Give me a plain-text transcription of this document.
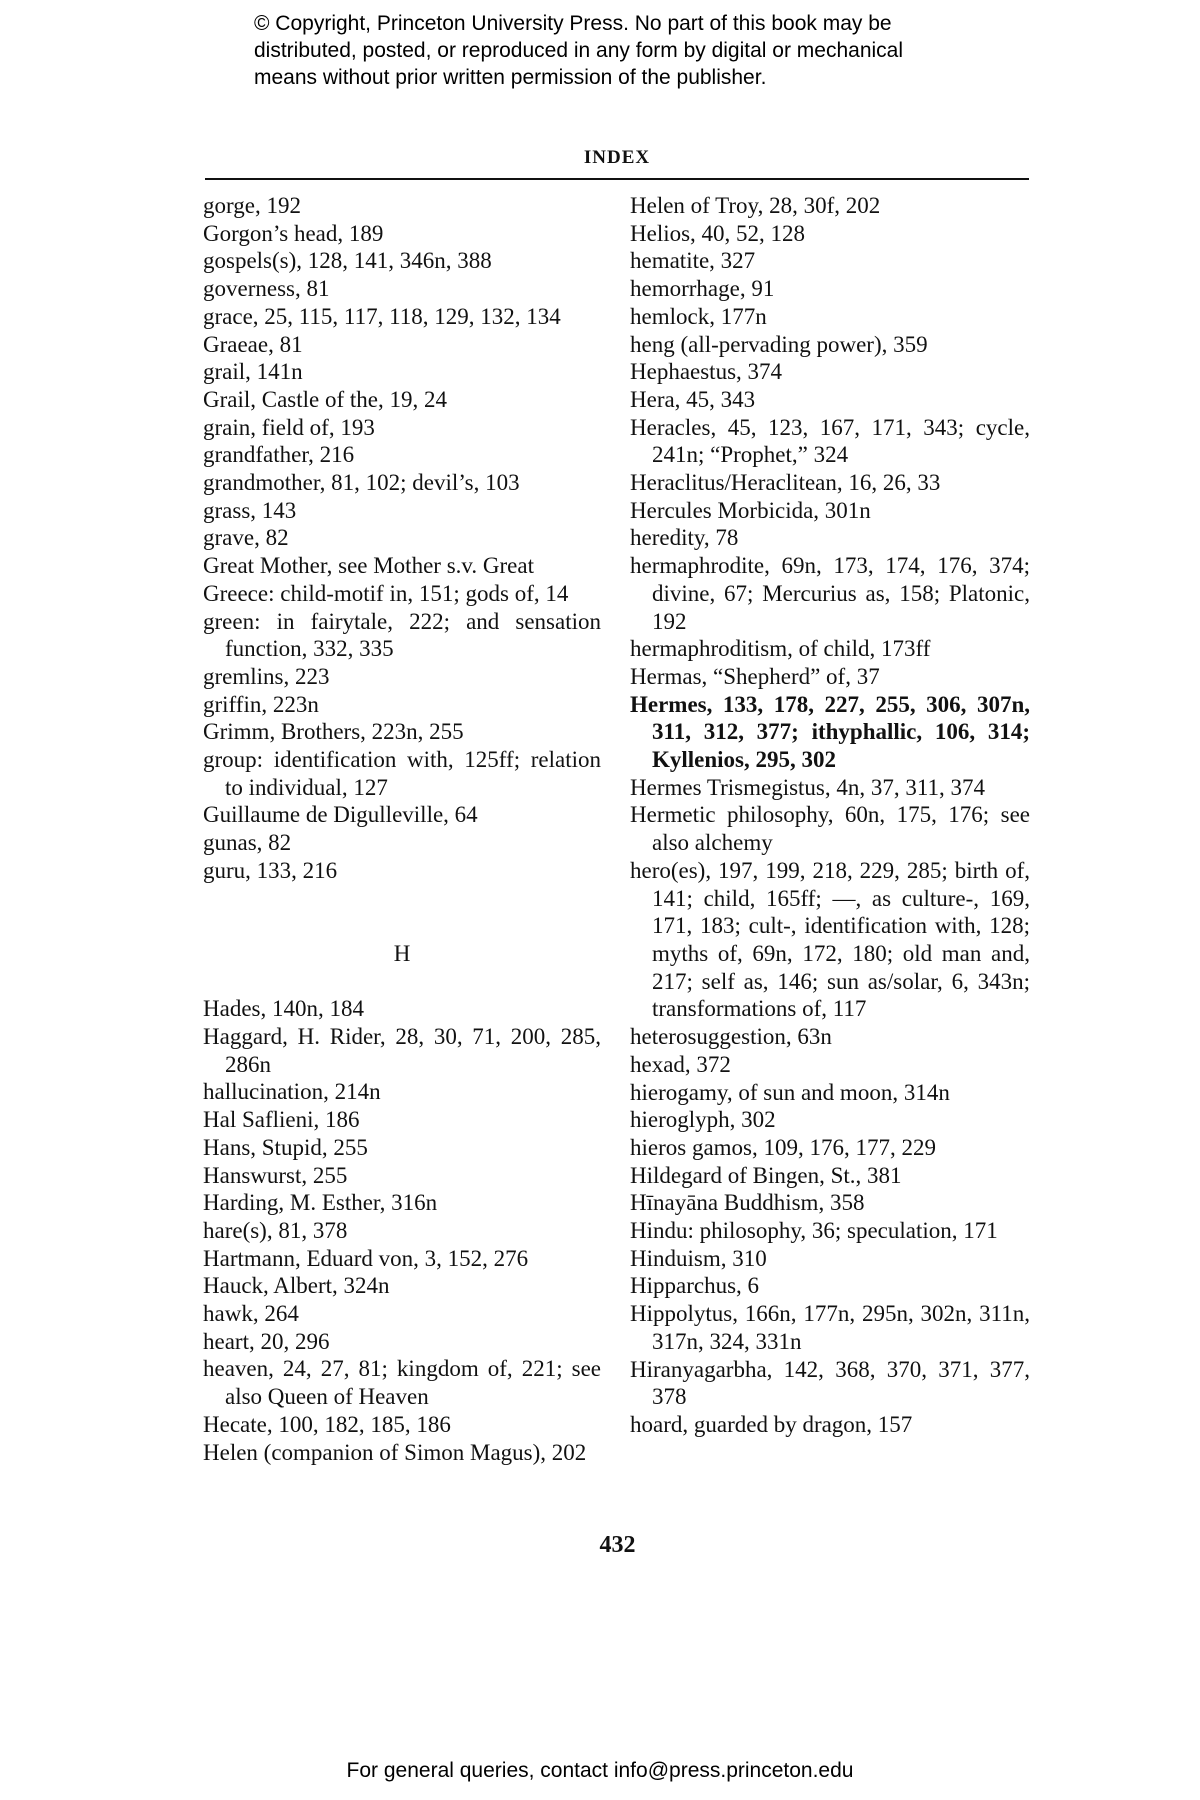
© Copyright, Princeton University Press. No part of this book may be
distributed, posted, or reproduced in any form by digital or mechanical
means without prior written permission of the publisher.
INDEX
gorge, 192
Gorgon’s head, 189
gospels(s), 128, 141, 346n, 388
governess, 81
grace, 25, 115, 117, 118, 129, 132, 134
Graeae, 81
grail, 141n
Grail, Castle of the, 19, 24
grain, field of, 193
grandfather, 216
grandmother, 81, 102; devil’s, 103
grass, 143
grave, 82
Great Mother, see Mother s.v. Great
Greece: child-motif in, 151; gods of, 14
green: in fairytale, 222; and sensation function, 332, 335
gremlins, 223
griffin, 223n
Grimm, Brothers, 223n, 255
group: identification with, 125ff; relation to individual, 127
Guillaume de Digulleville, 64
gunas, 82
guru, 133, 216
H
Hades, 140n, 184
Haggard, H. Rider, 28, 30, 71, 200, 285, 286n
hallucination, 214n
Hal Saflieni, 186
Hans, Stupid, 255
Hanswurst, 255
Harding, M. Esther, 316n
hare(s), 81, 378
Hartmann, Eduard von, 3, 152, 276
Hauck, Albert, 324n
hawk, 264
heart, 20, 296
heaven, 24, 27, 81; kingdom of, 221; see also Queen of Heaven
Hecate, 100, 182, 185, 186
Helen (companion of Simon Magus), 202
Helen of Troy, 28, 30f, 202
Helios, 40, 52, 128
hematite, 327
hemorrhage, 91
hemlock, 177n
heng (all-pervading power), 359
Hephaestus, 374
Hera, 45, 343
Heracles, 45, 123, 167, 171, 343; cycle, 241n; “Prophet,” 324
Heraclitus/Heraclitean, 16, 26, 33
Hercules Morbicida, 301n
heredity, 78
hermaphrodite, 69n, 173, 174, 176, 374; divine, 67; Mercurius as, 158; Platonic, 192
hermaphroditism, of child, 173ff
Hermas, “Shepherd” of, 37
Hermes, 133, 178, 227, 255, 306, 307n, 311, 312, 377; ithyphallic, 106, 314; Kyllenios, 295, 302
Hermes Trismegistus, 4n, 37, 311, 374
Hermetic philosophy, 60n, 175, 176; see also alchemy
hero(es), 197, 199, 218, 229, 285; birth of, 141; child, 165ff; —, as culture-, 169, 171, 183; cult-, identification with, 128; myths of, 69n, 172, 180; old man and, 217; self as, 146; sun as/solar, 6, 343n; transformations of, 117
heterosuggestion, 63n
hexad, 372
hierogamy, of sun and moon, 314n
hieroglyph, 302
hieros gamos, 109, 176, 177, 229
Hildegard of Bingen, St., 381
Hīnayāna Buddhism, 358
Hindu: philosophy, 36; speculation, 171
Hinduism, 310
Hipparchus, 6
Hippolytus, 166n, 177n, 295n, 302n, 311n, 317n, 324, 331n
Hiranyagarbha, 142, 368, 370, 371, 377, 378
hoard, guarded by dragon, 157
432
For general queries, contact info@press.princeton.edu
